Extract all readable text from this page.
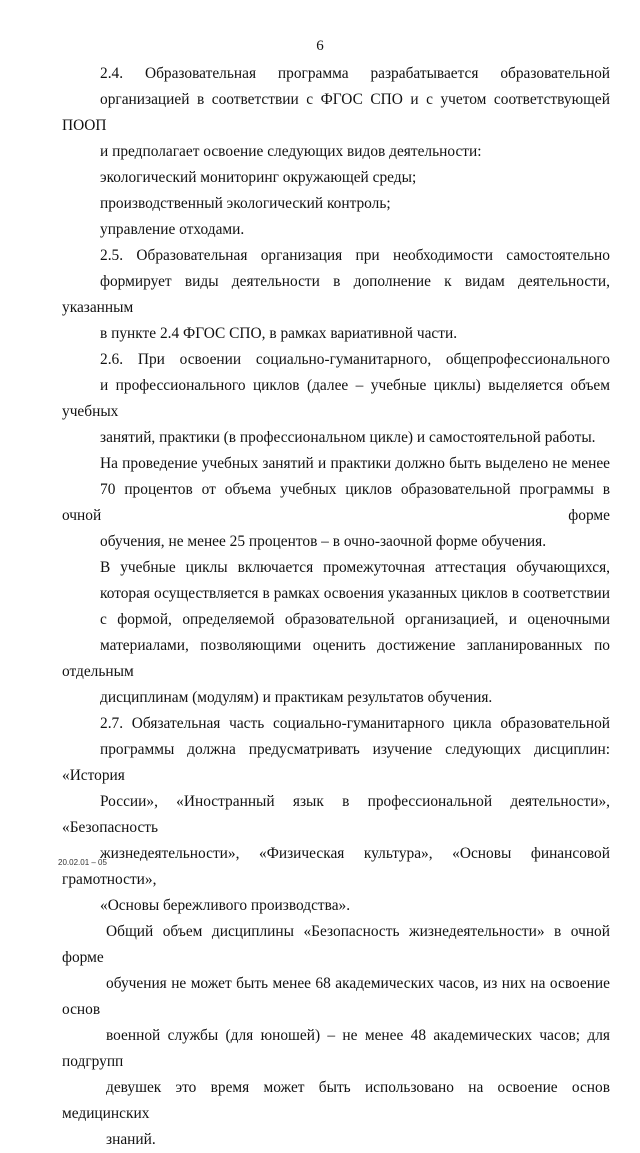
6

2.4. Образовательная программа разрабатывается образовательной
организацией в соответствии с ФГОС СПО и с учетом соответствующей ПООП
и предполагает освоение следующих видов деятельности:

экологический мониторинг окружающей среды;

производственный экологический контроль;

управление отходами.

2.5. Образовательная организация при необходимости самостоятельно
формирует виды деятельности в дополнение к видам деятельности, указанным
в пункте 2.4 ФГОС СПО, в рамках вариативной части.

2.6. При освоении социально-гуманитарного, общепрофессионального
и профессионального циклов (далее – учебные циклы) выделяется объем учебных
занятий, практики (в профессиональном цикле) и самостоятельной работы.

На проведение учебных занятий и практики должно быть выделено не менее
70 процентов от объема учебных циклов образовательной программы в очной форме
обучения, не менее 25 процентов – в очно-заочной форме обучения.

В учебные циклы включается промежуточная аттестация обучающихся,
которая осуществляется в рамках освоения указанных циклов в соответствии
с формой, определяемой образовательной организацией, и оценочными
материалами, позволяющими оценить достижение запланированных по отдельным
дисциплинам (модулям) и практикам результатов обучения.

2.7. Обязательная часть социально-гуманитарного цикла образовательной
программы должна предусматривать изучение следующих дисциплин: «История
России», «Иностранный язык в профессиональной деятельности», «Безопасность
жизнедеятельности», «Физическая культура», «Основы финансовой грамотности»,
«Основы бережливого производства».

Общий объем дисциплины «Безопасность жизнедеятельности» в очной форме
обучения не может быть менее 68 академических часов, из них на освоение основ
военной службы (для юношей) – не менее 48 академических часов; для подгрупп
девушек это время может быть использовано на освоение основ медицинских
знаний.

20.02.01 – 05
